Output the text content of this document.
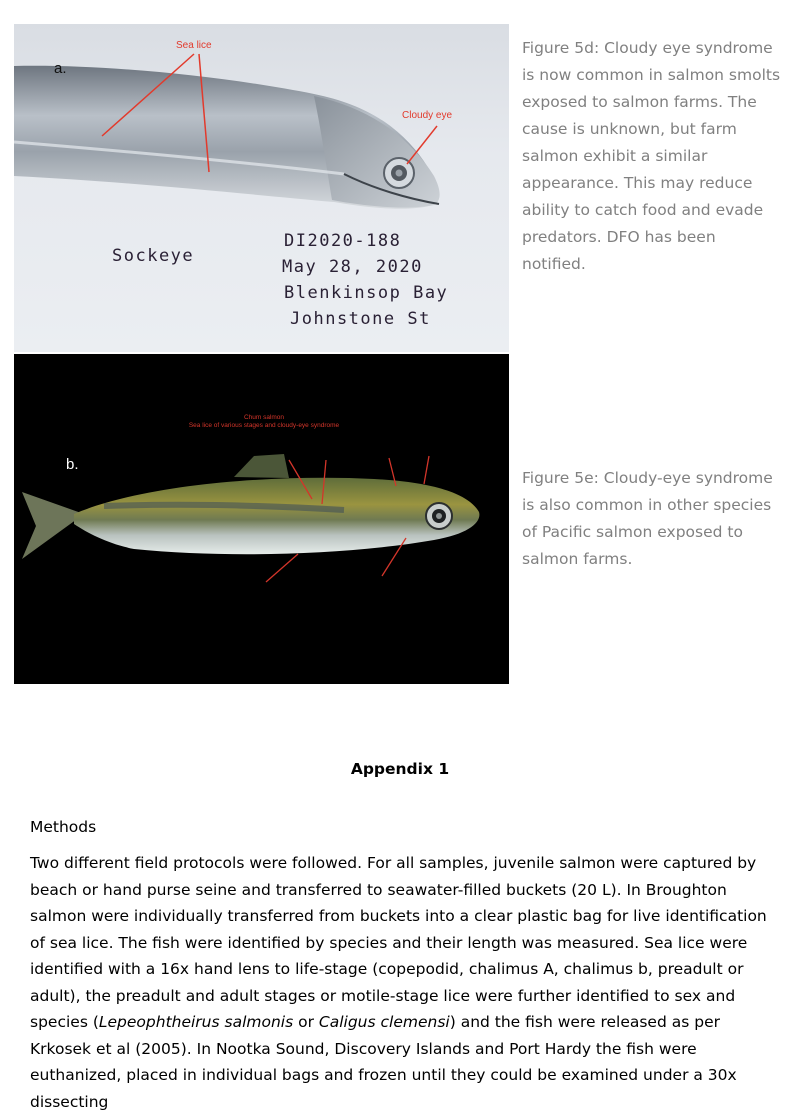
a.
Sea lice
Cloudy eye
Sockeye
DI2020-188
May 28, 2020
Blenkinsop Bay
Johnstone St
Chum salmon
Sea lice of various stages and cloudy-eye syndrome
b.
Figure 5d: Cloudy eye syndrome is now common in salmon smolts exposed to salmon farms. The cause is unknown, but farm salmon exhibit a similar appearance. This may reduce ability to catch food and evade predators. DFO has been notified.
Figure 5e: Cloudy-eye syndrome is also common in other species of Pacific salmon exposed to salmon farms.
Appendix 1
Methods

Two different field protocols were followed. For all samples, juvenile salmon were captured by beach or hand purse seine and transferred to seawater-filled buckets (20 L). In Broughton salmon were individually transferred from buckets into a clear plastic bag for live identification of sea lice. The fish were identified by species and their length was measured. Sea lice were identified with a 16x hand lens to life-stage (copepodid, chalimus A, chalimus b, preadult or adult), the preadult and adult stages or motile-stage lice were further identified to sex and species (Lepeophtheirus salmonis or Caligus clemensi) and the fish were released as per Krkosek et al (2005). In Nootka Sound, Discovery Islands and Port Hardy the fish were euthanized, placed in individual bags and frozen until they could be examined under a 30x dissecting
